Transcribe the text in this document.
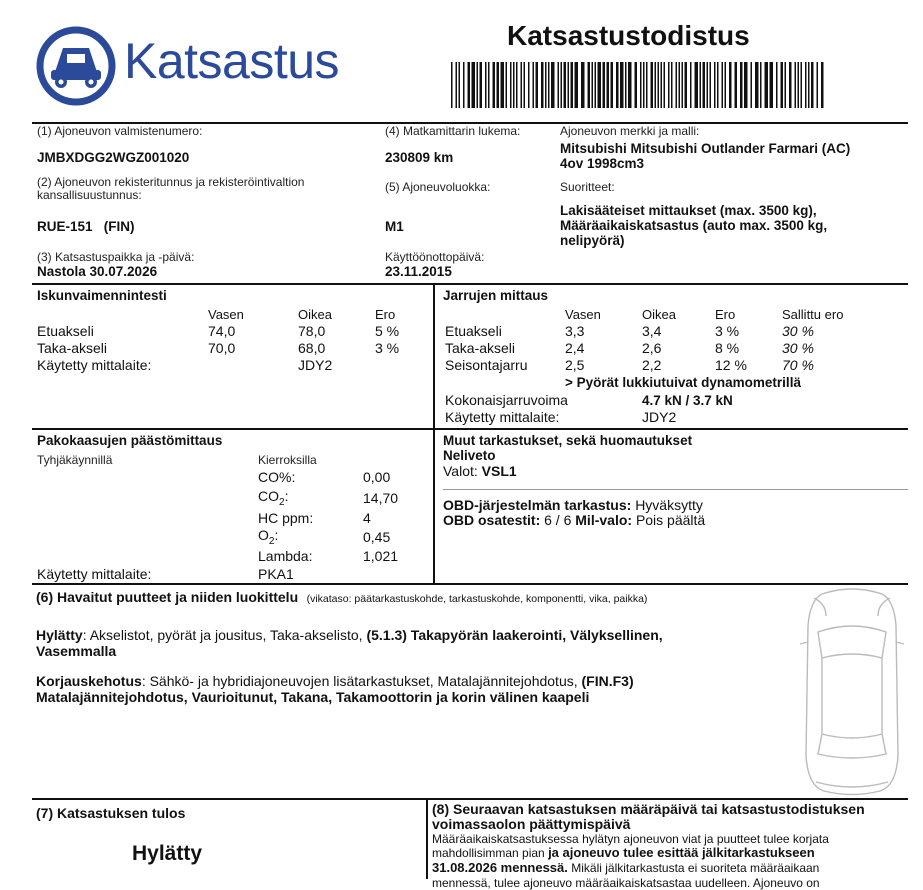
Katsastus	Katsastustodistus
(1) Ajoneuvon valmistenumero:
JMBXDGG2WGZ001020
(4) Matkamittarin lukema:
230809 km
Ajoneuvon merkki ja malli:
Mitsubishi Mitsubishi Outlander Farmari (AC)
4ov 1998cm3
(2) Ajoneuvon rekisteritunnus ja rekisteröintivaltion
kansallisuustunnus:
RUE-151 (FIN)
(5) Ajoneuvoluokka:
M1
Suoritteet:
Lakisääteiset mittaukset (max. 3500 kg),
Määräaikaiskatsastus (auto max. 3500 kg,
nelipyörä)
(3) Katsastuspaikka ja -päivä:
Nastola 30.07.2026
Käyttöönottopäivä:
23.11.2015
Iskunvaimennintesti
Vasen	Oikea	Ero
Etuakseli	74,0	78,0	5 %
Taka-akseli	70,0	68,0	3 %
Käytetty mittalaite:	JDY2
Jarrujen mittaus
Vasen	Oikea	Ero	Sallittu ero
Etuakseli	3,3	3,4	3 %	30 %
Taka-akseli	2,4	2,6	8 %	30 %
Seisontajarru	2,5	2,2	12 %	70 %
> Pyörät lukkiutuivat dynamometrillä
Kokonaisjarruvoima	4.7 kN / 3.7 kN
Käytetty mittalaite:	JDY2
Pakokaasujen päästömittaus
Tyhjäkäynnillä	Kierroksilla
CO%:	0,00
$CO_2$:	14,70
HC ppm:	4
$O_2$:	0,45
Lambda:	1,021
Käytetty mittalaite:	PKA1
Muut tarkastukset, sekä huomautukset
Neliveto
Valot: VSL1
OBD-järjestelmän tarkastus: Hyväksytty
OBD osatestit: 6 / 6 Mil-valo: Pois päältä
(6) Havaitut puutteet ja niiden luokittelu (vikataso: päätarkastuskohde, tarkastuskohde, komponentti, vika, paikka)
Hylätty: Akselistot, pyörät ja jousitus, Taka-akselisto, (5.1.3) Takapyörän laakerointi, Välyksellinen,
Vasemmalla
Korjauskehotus: Sähkö- ja hybridiajoneuvojen lisätarkastukset, Matalajännitejohdotus, (FIN.F3)
Matalajännitejohdotus, Vaurioitunut, Takana, Takamoottorin ja korin välinen kaapeli
(7) Katsastuksen tulos
Hylätty
(8) Seuraavan katsastuksen määräpäivä tai katsastustodistuksen
voimassaolon päättymispäivä
Määräaikaiskatsastuksessa hylätyn ajoneuvon viat ja puutteet tulee korjata
mahdollisimman pian ja ajoneuvo tulee esittää jälkitarkastukseen
31.08.2026 mennessä. Mikäli jälkitarkastusta ei suoriteta määräaikaan
mennessä, tulee ajoneuvo määräaikaiskatsastaa uudelleen. Ajoneuvo on
